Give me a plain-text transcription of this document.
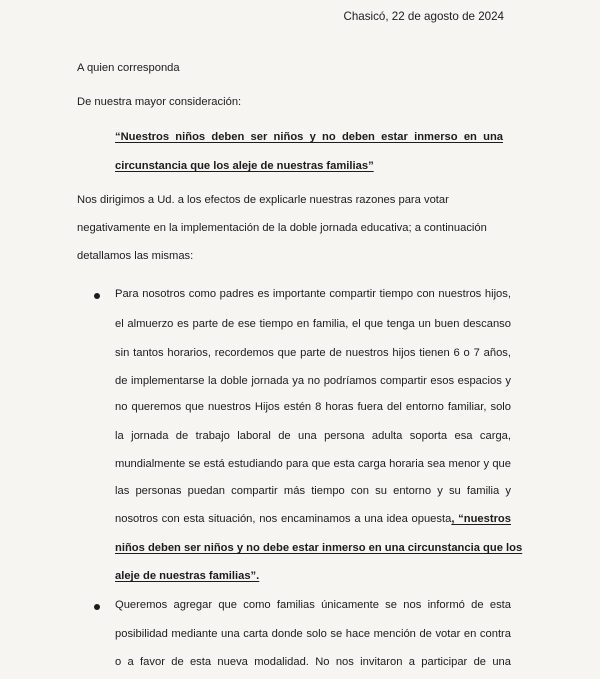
Chasicó, 22 de agosto de 2024
A quien corresponda
De nuestra mayor consideración:
“Nuestros niños deben ser niños y no deben estar inmerso en una
circunstancia que los aleje de nuestras familias”
Nos dirigimos a Ud. a los efectos de explicarle nuestras razones para votar
negativamente en la implementación de la doble jornada educativa; a continuación
detallamos las mismas:
Para nosotros como padres es importante compartir tiempo con nuestros hijos,
el almuerzo es parte de ese tiempo en familia, el que tenga un buen descanso
sin tantos horarios, recordemos que parte de nuestros hijos tienen 6 o 7 años,
de implementarse la doble jornada ya no podríamos compartir esos espacios y
no queremos que nuestros Hijos estén 8 horas fuera del entorno familiar, solo
la jornada de trabajo laboral de una persona adulta soporta esa carga,
mundialmente se está estudiando para que esta carga horaria sea menor y que
las personas puedan compartir más tiempo con su entorno y su familia y
nosotros con esta situación, nos encaminamos a una idea opuesta, “nuestros
niños deben ser niños y no debe estar inmerso en una circunstancia que los
aleje de nuestras familias”.
Queremos agregar que como familias únicamente se nos informó de esta
posibilidad mediante una carta donde solo se hace mención de votar en contra
o a favor de esta nueva modalidad. No nos invitaron a participar de una
